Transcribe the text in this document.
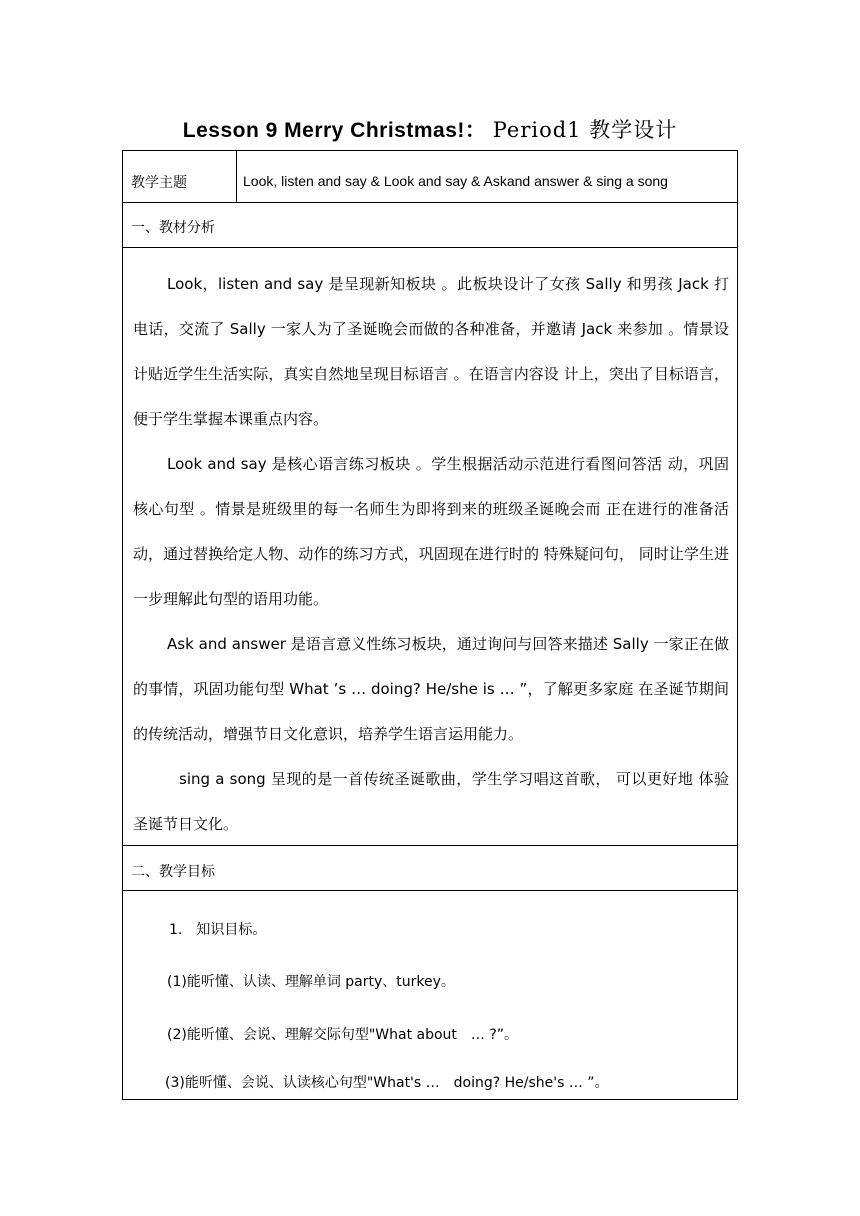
Lesson 9 Merry Christmas!： Period1 教学设计
教学主题	Look, listen and say & Look and say & Askand answer & sing a song
一、教材分析
Look，listen and say 是呈现新知板块 。此板块设计了女孩 Sally 和男孩 Jack 打电话，交流了 Sally 一家人为了圣诞晚会而做的各种准备，并邀请 Jack 来参加 。情景设计贴近学生生活实际，真实自然地呈现目标语言 。在语言内容设 计上，突出了目标语言，便于学生掌握本课重点内容。
Look and say 是核心语言练习板块 。学生根据活动示范进行看图问答活 动，巩固核心句型 。情景是班级里的每一名师生为即将到来的班级圣诞晚会而 正在进行的准备活动，通过替换给定人物、动作的练习方式，巩固现在进行时的 特殊疑问句， 同时让学生进一步理解此句型的语用功能。
Ask and answer 是语言意义性练习板块，通过询问与回答来描述 Sally 一家正在做的事情，巩固功能句型 What ’s … doing? He/she is … ”，了解更多家庭 在圣诞节期间的传统活动，增强节日文化意识，培养学生语言运用能力。
sing a song 呈现的是一首传统圣诞歌曲，学生学习唱这首歌， 可以更好地 体验圣诞节日文化。
二、教学目标
1.　知识目标。
(1)能听懂、认读、理解单词 party、turkey。
(2)能听懂、会说、理解交际句型"What about　… ?”。
(3)能听懂、会说、认读核心句型"What's …　doing? He/she's … ”。
